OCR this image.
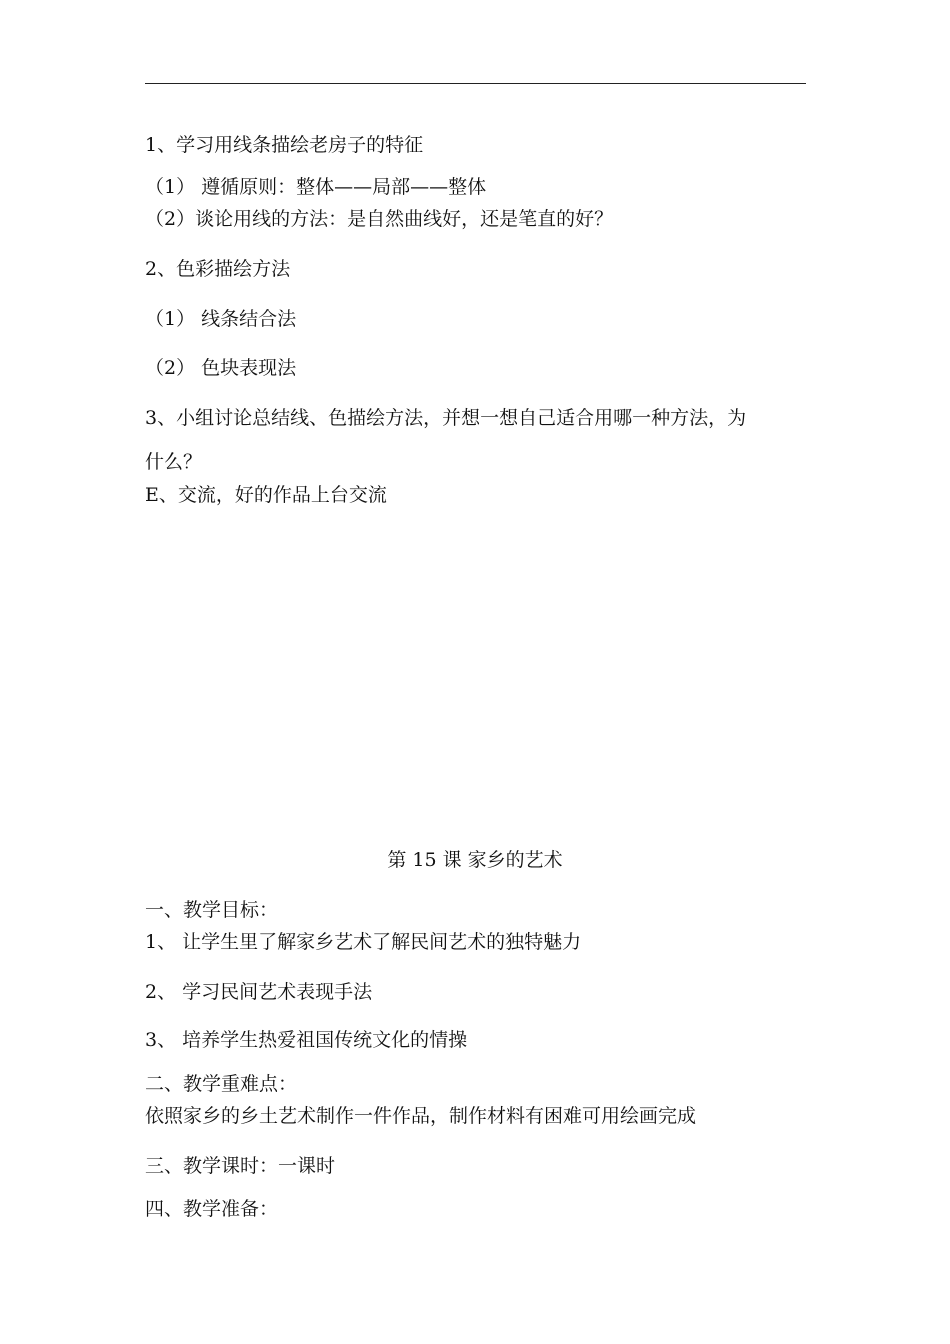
1、学习用线条描绘老房子的特征
（1） 遵循原则：整体——局部——整体
（2）谈论用线的方法：是自然曲线好，还是笔直的好？
2、色彩描绘方法
（1） 线条结合法
（2） 色块表现法
3、小组讨论总结线、色描绘方法，并想一想自己适合用哪一种方法，为
什么？
E、交流，好的作品上台交流
第 15 课 家乡的艺术
一、教学目标：
1、 让学生里了解家乡艺术了解民间艺术的独特魅力
2、 学习民间艺术表现手法
3、 培养学生热爱祖国传统文化的情操
二、教学重难点：
依照家乡的乡土艺术制作一件作品，制作材料有困难可用绘画完成
三、教学课时：一课时
四、教学准备：
